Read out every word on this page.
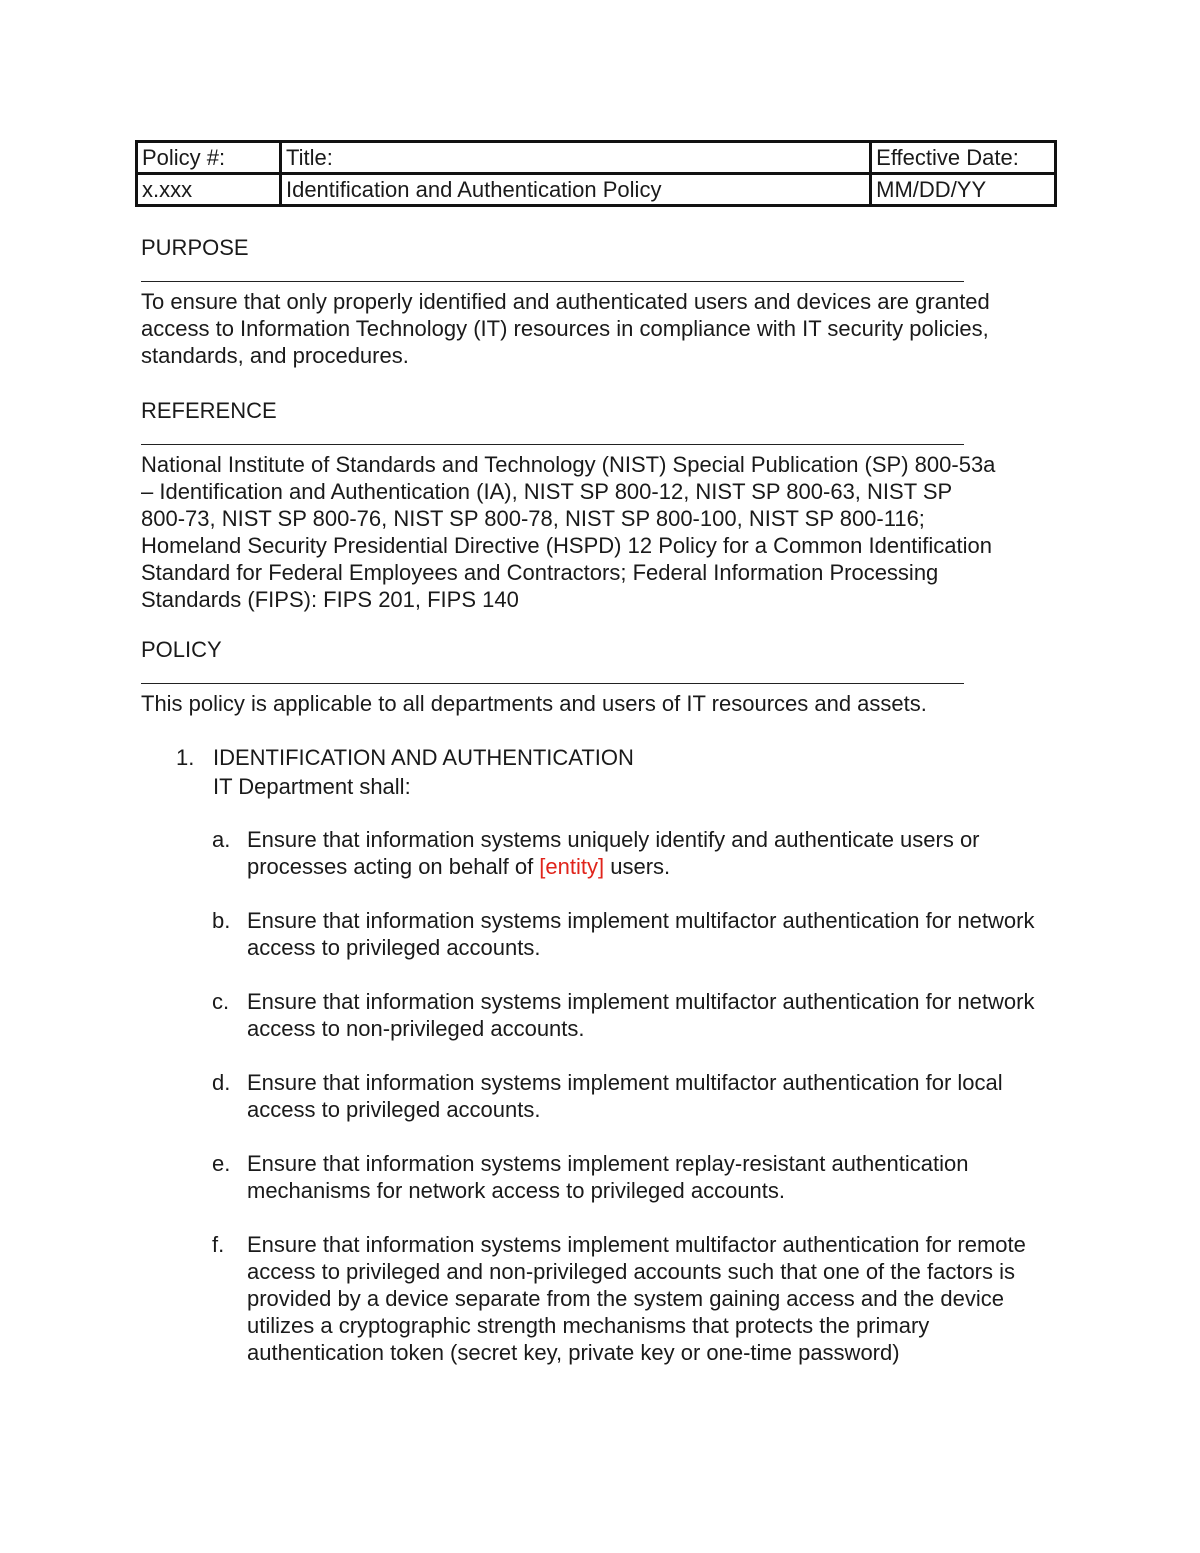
Policy #:	Title:	Effective Date:
x.xxx	Identification and Authentication Policy	MM/DD/YY

PURPOSE

To ensure that only properly identified and authenticated users and devices are granted access to Information Technology (IT) resources in compliance with IT security policies, standards, and procedures.

REFERENCE

National Institute of Standards and Technology (NIST) Special Publication (SP) 800-53a
– Identification and Authentication (IA), NIST SP 800-12, NIST SP 800-63, NIST SP
800-73, NIST SP 800-76, NIST SP 800-78, NIST SP 800-100, NIST SP 800-116;
Homeland Security Presidential Directive (HSPD) 12 Policy for a Common Identification
Standard for Federal Employees and Contractors; Federal Information Processing
Standards (FIPS): FIPS 201, FIPS 140

POLICY

This policy is applicable to all departments and users of IT resources and assets.

1. IDENTIFICATION AND AUTHENTICATION
IT Department shall:
a. Ensure that information systems uniquely identify and authenticate users or
processes acting on behalf of [entity] users.
b. Ensure that information systems implement multifactor authentication for network access to privileged accounts.
c. Ensure that information systems implement multifactor authentication for network access to non-privileged accounts.
d. Ensure that information systems implement multifactor authentication for local access to privileged accounts.
e. Ensure that information systems implement replay-resistant authentication mechanisms for network access to privileged accounts.
f. Ensure that information systems implement multifactor authentication for remote access to privileged and non-privileged accounts such that one of the factors is provided by a device separate from the system gaining access and the device utilizes a cryptographic strength mechanisms that protects the primary authentication token (secret key, private key or one-time password)
